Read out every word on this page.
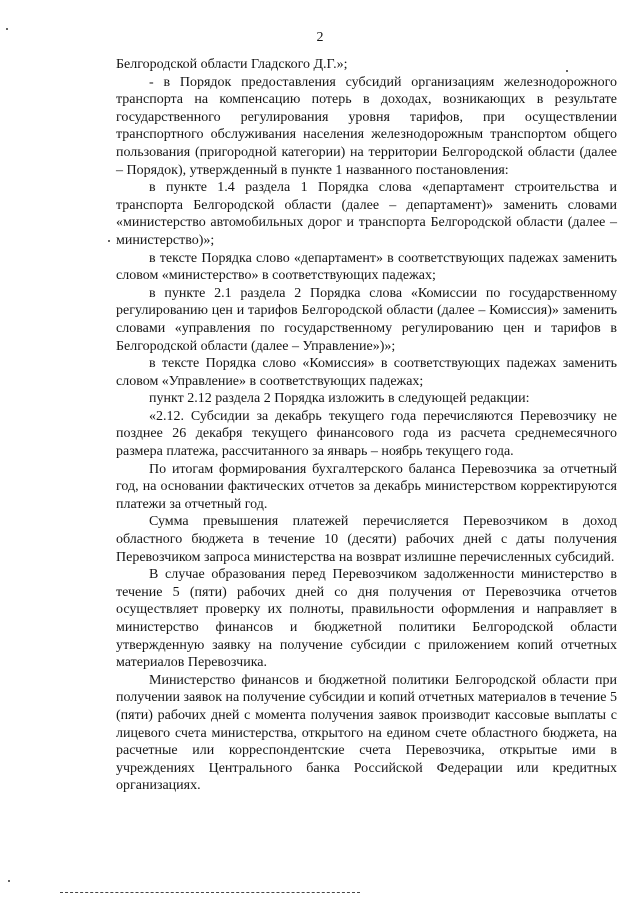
2

Белгородской области Гладского Д.Г.»;

- в Порядок предоставления субсидий организациям железнодорожного транспорта на компенсацию потерь в доходах, возникающих в результате государственного регулирования уровня тарифов, при осуществлении транспортного обслуживания населения железнодорожным транспортом общего пользования (пригородной категории) на территории Белгородской области (далее – Порядок), утвержденный в пункте 1 названного постановления:

в пункте 1.4 раздела 1 Порядка слова «департамент строительства и транспорта Белгородской области (далее – департамент)» заменить словами «министерство автомобильных дорог и транспорта Белгородской области (далее – министерство)»;

в тексте Порядка слово «департамент» в соответствующих падежах заменить словом «министерство» в соответствующих падежах;

в пункте 2.1 раздела 2 Порядка слова «Комиссии по государственному регулированию цен и тарифов Белгородской области (далее – Комиссия)» заменить словами «управления по государственному регулированию цен и тарифов в Белгородской области (далее – Управление»)»;

в тексте Порядка слово «Комиссия» в соответствующих падежах заменить словом «Управление» в соответствующих падежах;

пункт 2.12 раздела 2 Порядка изложить в следующей редакции:

«2.12. Субсидии за декабрь текущего года перечисляются Перевозчику не позднее 26 декабря текущего финансового года из расчета среднемесячного размера платежа, рассчитанного за январь – ноябрь текущего года.

По итогам формирования бухгалтерского баланса Перевозчика за отчетный год, на основании фактических отчетов за декабрь министерством корректируются платежи за отчетный год.

Сумма превышения платежей перечисляется Перевозчиком в доход областного бюджета в течение 10 (десяти) рабочих дней с даты получения Перевозчиком запроса министерства на возврат излишне перечисленных субсидий.

В случае образования перед Перевозчиком задолженности министерство в течение 5 (пяти) рабочих дней со дня получения от Перевозчика отчетов осуществляет проверку их полноты, правильности оформления и направляет в министерство финансов и бюджетной политики Белгородской области утвержденную заявку на получение субсидии с приложением копий отчетных материалов Перевозчика.

Министерство финансов и бюджетной политики Белгородской области при получении заявок на получение субсидии и копий отчетных материалов в течение 5 (пяти) рабочих дней с момента получения заявок производит кассовые выплаты с лицевого счета министерства, открытого на едином счете областного бюджета, на расчетные или корреспондентские счета Перевозчика, открытые ими в учреждениях Центрального банка Российской Федерации или кредитных организациях.
